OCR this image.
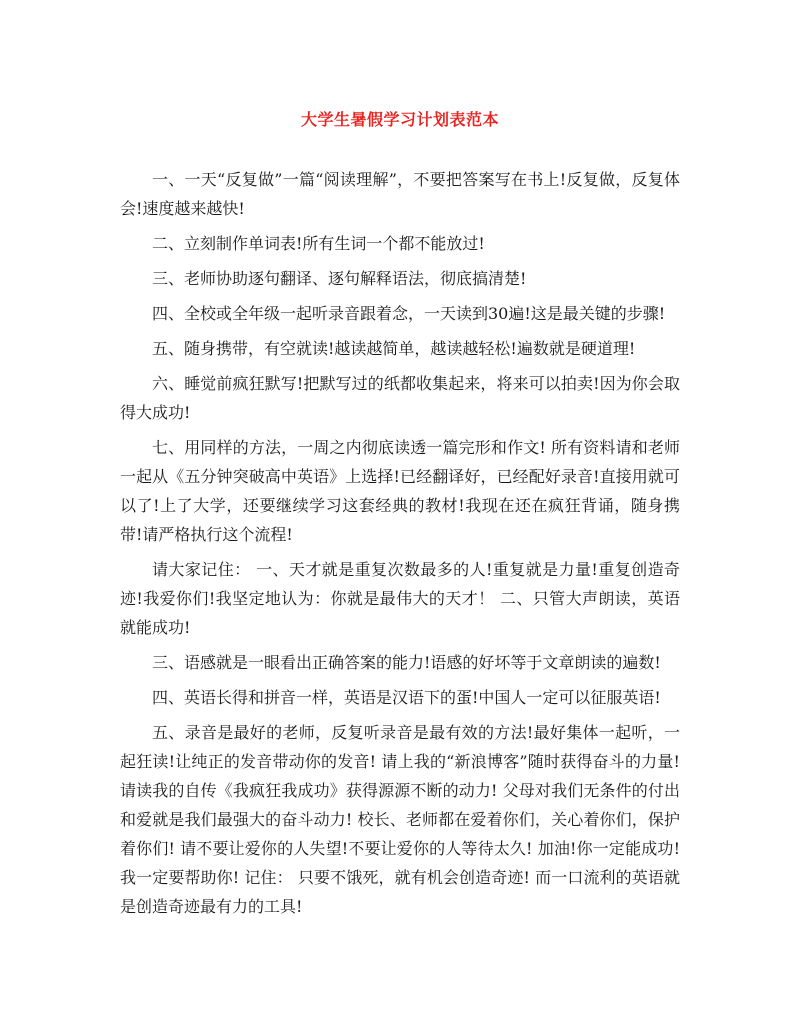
大学生暑假学习计划表范本

一、一天“反复做”一篇“阅读理解”，不要把答案写在书上!反复做，反复体会!速度越来越快!

二、立刻制作单词表!所有生词一个都不能放过!

三、老师协助逐句翻译、逐句解释语法，彻底搞清楚!

四、全校或全年级一起听录音跟着念，一天读到30遍!这是最关键的步骤!

五、随身携带，有空就读!越读越简单，越读越轻松!遍数就是硬道理!

六、睡觉前疯狂默写!把默写过的纸都收集起来，将来可以拍卖!因为你会取得大成功!

七、用同样的方法，一周之内彻底读透一篇完形和作文! 所有资料请和老师一起从《五分钟突破高中英语》上选择!已经翻译好，已经配好录音!直接用就可以了!上了大学，还要继续学习这套经典的教材!我现在还在疯狂背诵，随身携带!请严格执行这个流程!

请大家记住： 一、天才就是重复次数最多的人!重复就是力量!重复创造奇迹!我爱你们!我坚定地认为：你就是最伟大的天才！ 二、只管大声朗读，英语就能成功!

三、语感就是一眼看出正确答案的能力!语感的好坏等于文章朗读的遍数!

四、英语长得和拼音一样，英语是汉语下的蛋!中国人一定可以征服英语!

五、录音是最好的老师，反复听录音是最有效的方法!最好集体一起听，一起狂读!让纯正的发音带动你的发音! 请上我的“新浪博客”随时获得奋斗的力量! 请读我的自传《我疯狂我成功》获得源源不断的动力! 父母对我们无条件的付出和爱就是我们最强大的奋斗动力! 校长、老师都在爱着你们，关心着你们，保护着你们! 请不要让爱你的人失望!不要让爱你的人等待太久! 加油!你一定能成功! 我一定要帮助你! 记住： 只要不饿死，就有机会创造奇迹! 而一口流利的英语就是创造奇迹最有力的工具!
